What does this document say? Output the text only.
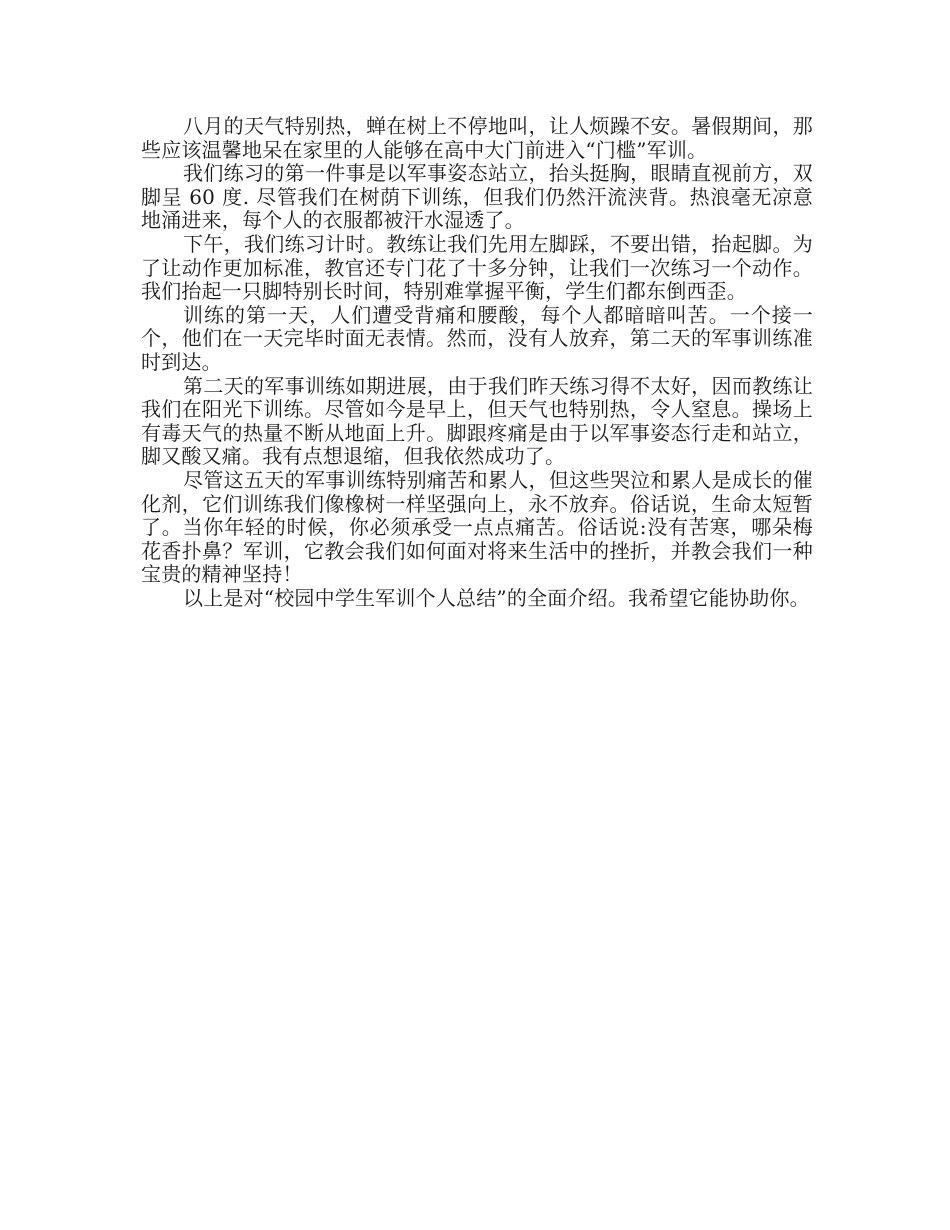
八月的天气特别热，蝉在树上不停地叫，让人烦躁不安。暑假期间，那些应该温馨地呆在家里的人能够在高中大门前进入“门槛”军训。

我们练习的第一件事是以军事姿态站立，抬头挺胸，眼睛直视前方，双脚呈 60 度. 尽管我们在树荫下训练，但我们仍然汗流浃背。热浪毫无凉意地涌进来，每个人的衣服都被汗水湿透了。

下午，我们练习计时。教练让我们先用左脚踩，不要出错，抬起脚。为了让动作更加标准，教官还专门花了十多分钟，让我们一次练习一个动作。我们抬起一只脚特别长时间，特别难掌握平衡，学生们都东倒西歪。

训练的第一天，人们遭受背痛和腰酸，每个人都暗暗叫苦。一个接一个，他们在一天完毕时面无表情。然而，没有人放弃，第二天的军事训练准时到达。

第二天的军事训练如期进展，由于我们昨天练习得不太好，因而教练让我们在阳光下训练。尽管如今是早上，但天气也特别热，令人窒息。操场上有毒天气的热量不断从地面上升。脚跟疼痛是由于以军事姿态行走和站立，脚又酸又痛。我有点想退缩，但我依然成功了。

尽管这五天的军事训练特别痛苦和累人，但这些哭泣和累人是成长的催化剂，它们训练我们像橡树一样坚强向上，永不放弃。俗话说，生命太短暂了。当你年轻的时候，你必须承受一点点痛苦。俗话说:没有苦寒，哪朵梅花香扑鼻？军训，它教会我们如何面对将来生活中的挫折，并教会我们一种宝贵的精神坚持！

以上是对“校园中学生军训个人总结”的全面介绍。我希望它能协助你。
